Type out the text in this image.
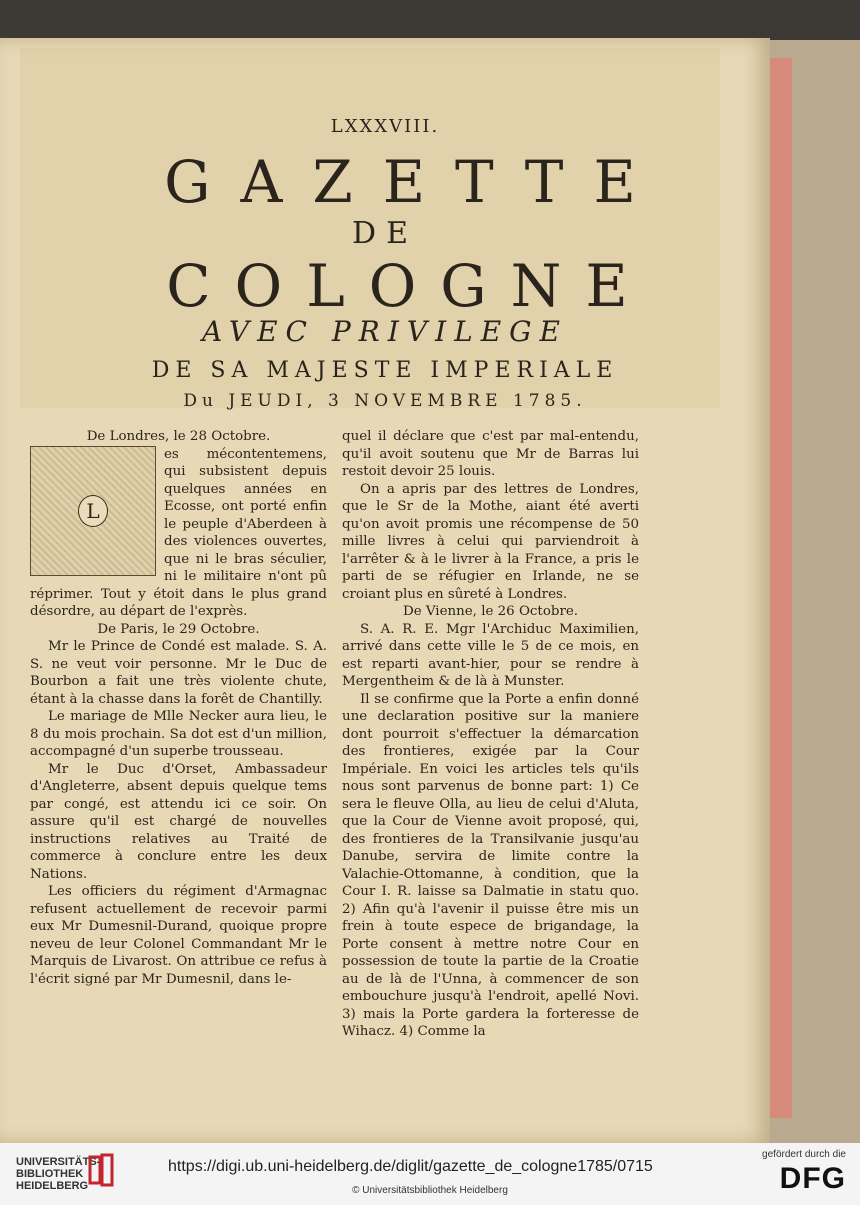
LXXXVIII.
GAZETTE
DE
COLOGNE
AVEC PRIVILEGE
DE SA MAJESTE IMPERIALE
Du JEUDI, 3 NOVEMBRE 1785.

De Londres, le 28 Octobre.

L

es mécontentemens, qui subsistent depuis quelques années en Ecosse, ont porté enfin le peuple d'Aberdeen à des violences ouvertes, que ni le bras séculier, ni le militaire n'ont pû réprimer. Tout y étoit dans le plus grand désordre, au départ de l'exprès.

De Paris, le 29 Octobre.

Mr le Prince de Condé est malade. S. A. S. ne veut voir personne. Mr le Duc de Bourbon a fait une très violente chute, étant à la chasse dans la forêt de Chantilly.

Le mariage de Mlle Necker aura lieu, le 8 du mois prochain. Sa dot est d'un million, accompagné d'un superbe trousseau.

Mr le Duc d'Orset, Ambassadeur d'Angleterre, absent depuis quelque tems par congé, est attendu ici ce soir. On assure qu'il est chargé de nouvelles instructions relatives au Traité de commerce à conclure entre les deux Nations.

Les officiers du régiment d'Armagnac refusent actuellement de recevoir parmi eux Mr Dumesnil-Durand, quoique propre neveu de leur Colonel Commandant Mr le Marquis de Livarost. On attribue ce refus à l'écrit signé par Mr Dumesnil, dans le-

quel il déclare que c'est par mal-entendu, qu'il avoit soutenu que Mr de Barras lui restoit devoir 25 louis.

On a apris par des lettres de Londres, que le Sr de la Mothe, aiant été averti qu'on avoit promis une récompense de 50 mille livres à celui qui parviendroit à l'arrêter & à le livrer à la France, a pris le parti de se réfugier en Irlande, ne se croiant plus en sûreté à Londres.

De Vienne, le 26 Octobre.

S. A. R. E. Mgr l'Archiduc Maximilien, arrivé dans cette ville le 5 de ce mois, en est reparti avant-hier, pour se rendre à Mergentheim & de là à Munster.

Il se confirme que la Porte a enfin donné une declaration positive sur la maniere dont pourroit s'effectuer la démarcation des frontieres, exigée par la Cour Impériale. En voici les articles tels qu'ils nous sont parvenus de bonne part: 1) Ce sera le fleuve Olla, au lieu de celui d'Aluta, que la Cour de Vienne avoit proposé, qui, des frontieres de la Transilvanie jusqu'au Danube, servira de limite contre la Valachie-Ottomanne, à condition, que la Cour I. R. laisse sa Dalmatie in statu quo. 2) Afin qu'à l'avenir il puisse être mis un frein à toute espece de brigandage, la Porte consent à mettre notre Cour en possession de toute la partie de la Croatie au de là de l'Unna, à commencer de son embouchure jusqu'à l'endroit, apellé Novi. 3) mais la Porte gardera la forteresse de Wihacz. 4) Comme la

UNIVERSITÄTS-
BIBLIOTHEK
HEIDELBERG
https://digi.ub.uni-heidelberg.de/diglit/gazette_de_cologne1785/0715
© Universitätsbibliothek Heidelberg
gefördert durch die
DFG
